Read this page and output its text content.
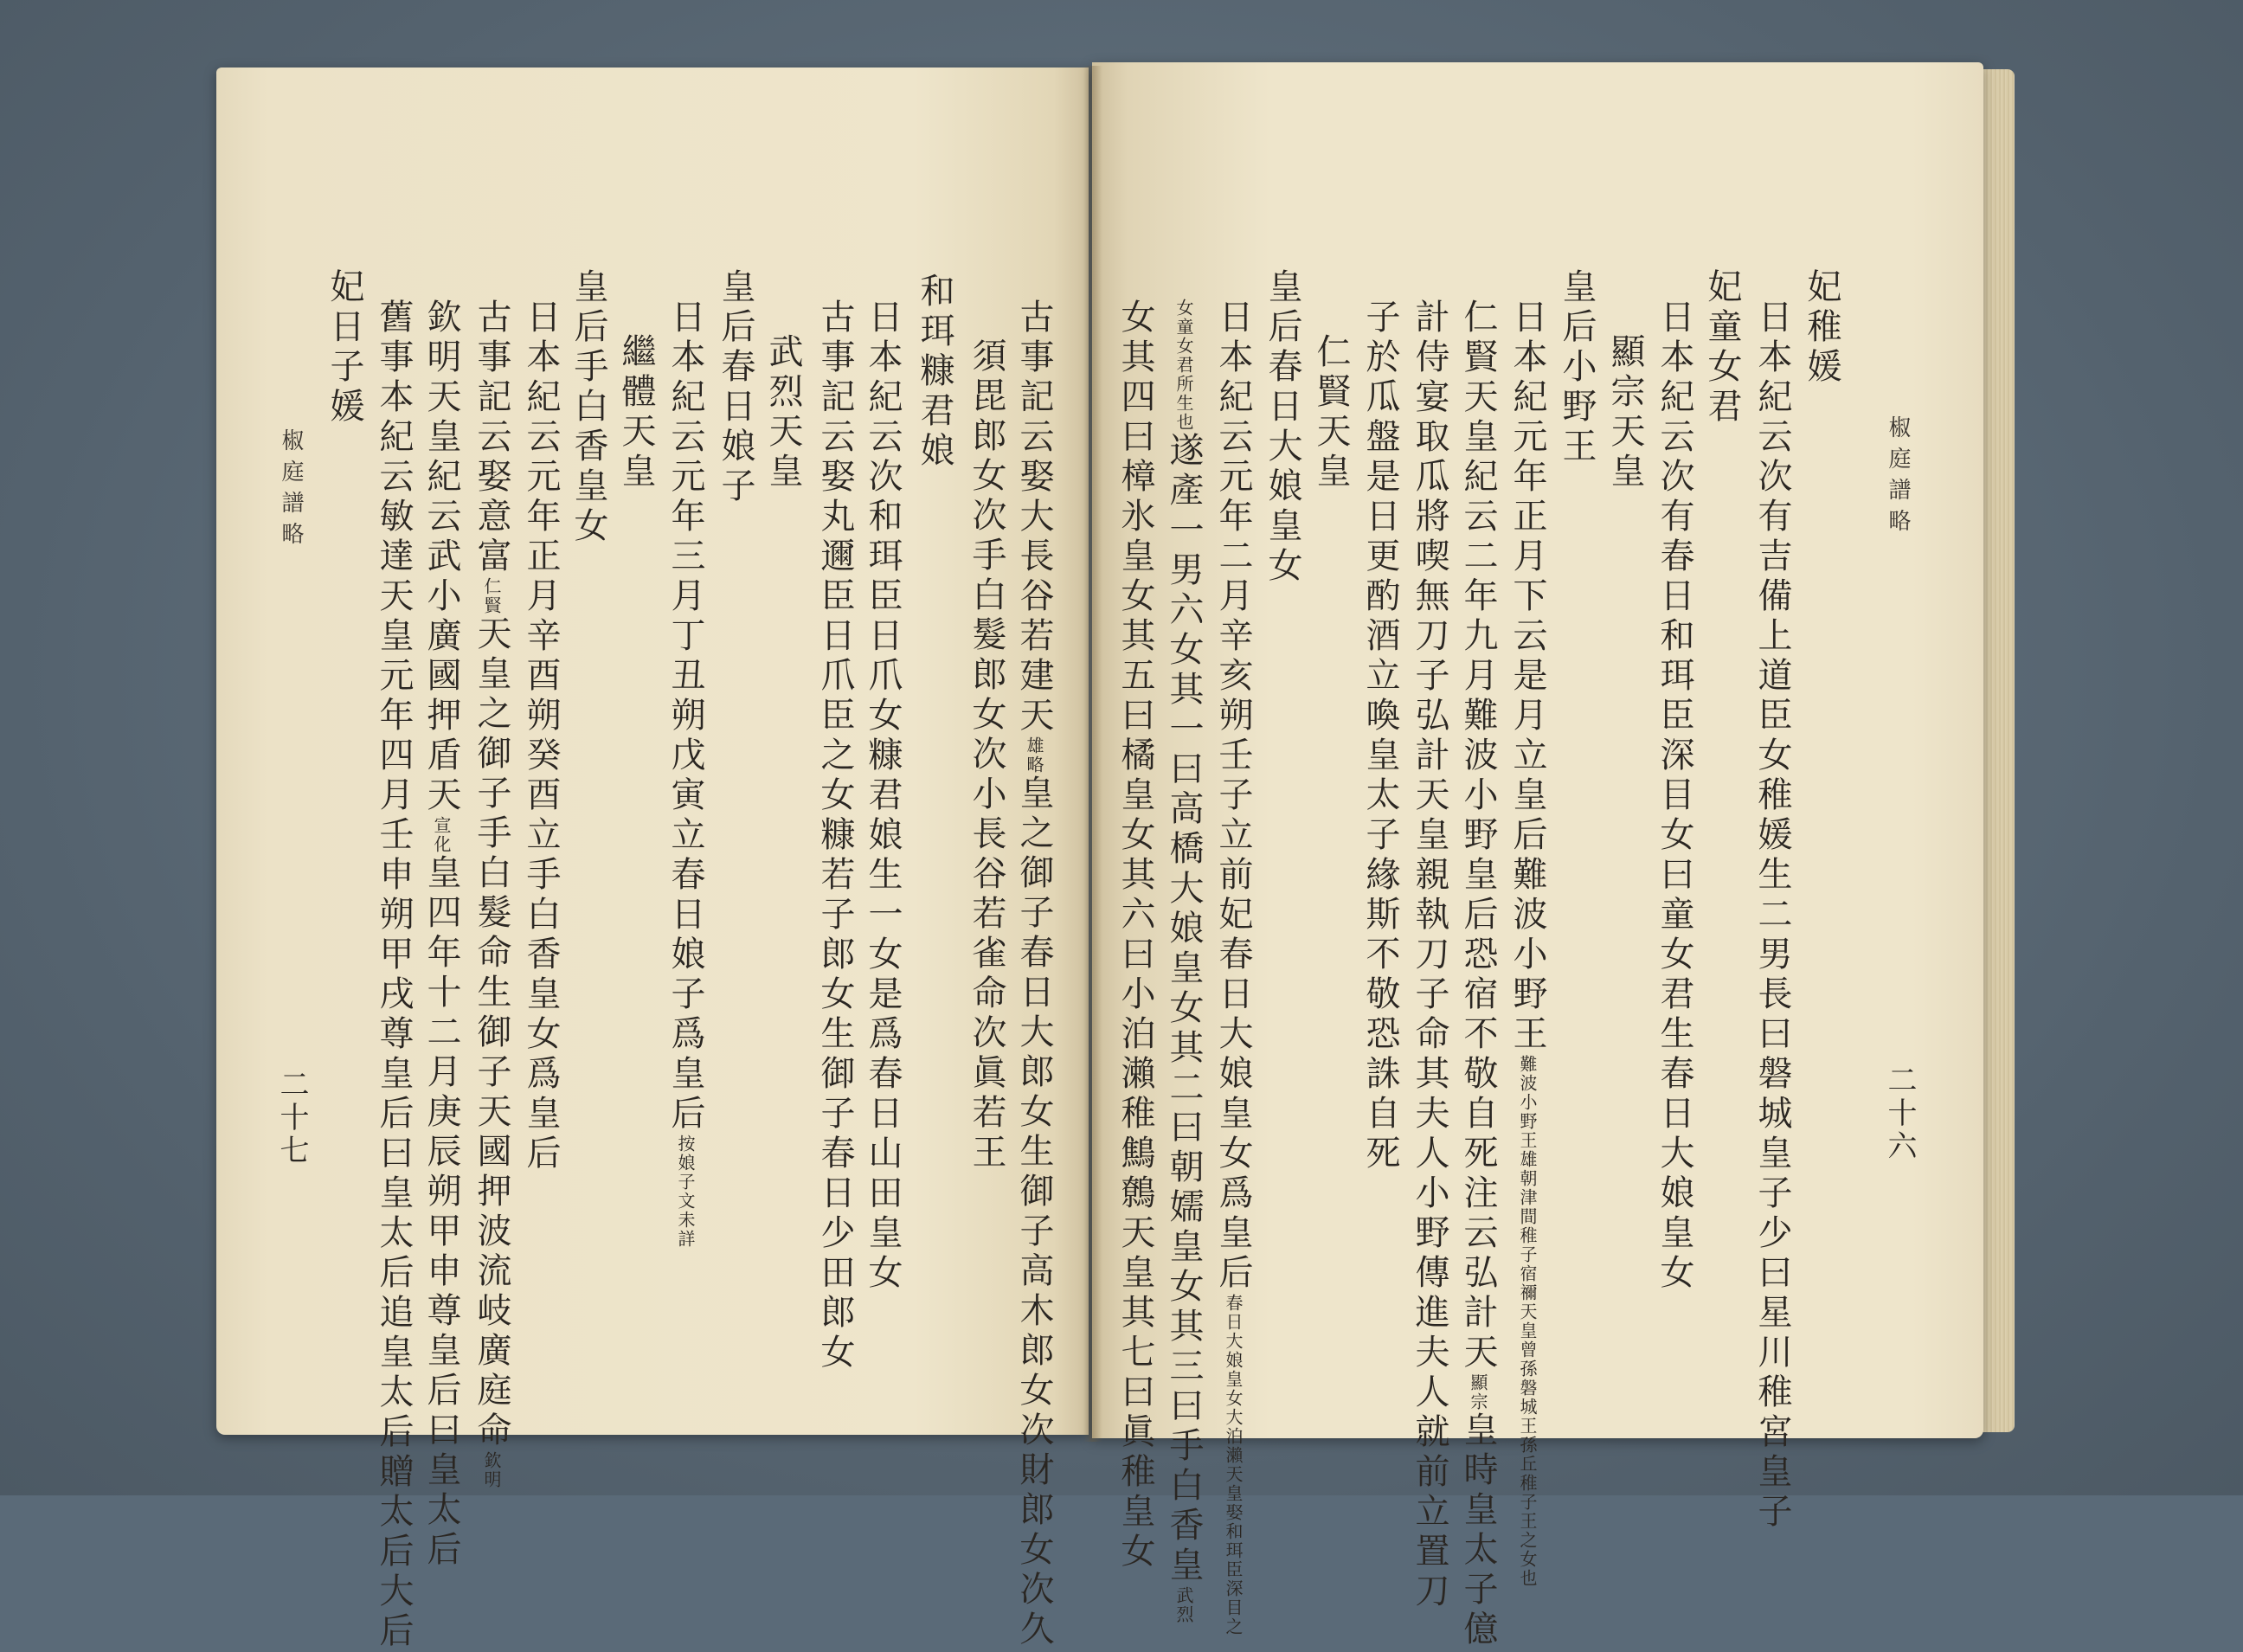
椒庭譜略
二十七
古事記云娶大長谷若建天雄略皇之御子春日大郎女生御子高木郎女次財郎女次久
須毘郎女次手白髮郎女次小長谷若雀命次眞若王
和珥糠君娘
日本紀云次和珥臣日爪女糠君娘生一女是爲春日山田皇女
古事記云娶丸邇臣日爪臣之女糠若子郎女生御子春日少田郎女
武烈天皇
皇后春日娘子
日本紀云元年三月丁丑朔戊寅立春日娘子爲皇后按娘子文未詳
繼體天皇
皇后手白香皇女
日本紀云元年正月辛酉朔癸酉立手白香皇女爲皇后
古事記云娶意富仁賢天皇之御子手白髮命生御子天國押波流岐廣庭命欽明
欽明天皇紀云武小廣國押盾天宣化皇四年十二月庚辰朔甲申尊皇后曰皇太后
舊事本紀云敏達天皇元年四月壬申朔甲戌尊皇后曰皇太后追皇太后贈太后大后
妃日子媛
椒庭譜略
二十六
妃稚媛
日本紀云次有吉備上道臣女稚媛生二男長曰磐城皇子少曰星川稚宮皇子
妃童女君
日本紀云次有春日和珥臣深目女曰童女君生春日大娘皇女
顯宗天皇
皇后小野王
日本紀元年正月下云是月立皇后難波小野王難波小野王雄朝津間稚子宿禰天皇曾孫磐城王孫丘稚子王之女也
仁賢天皇紀云二年九月難波小野皇后恐宿不敬自死注云弘計天顯宗皇時皇太子億
計侍宴取瓜將喫無刀子弘計天皇親執刀子命其夫人小野傳進夫人就前立置刀
子於瓜盤是日更酌酒立喚皇太子緣斯不敬恐誅自死
仁賢天皇
皇后春日大娘皇女
日本紀云元年二月辛亥朔壬子立前妃春日大娘皇女爲皇后春日大娘皇女大泊瀨天皇娶和珥臣深目之
女童女君所生也遂產一男六女其一曰高橋大娘皇女其二曰朝嬬皇女其三曰手白香皇武烈
女其四曰樟氷皇女其五曰橘皇女其六曰小泊瀨稚鷦鷯天皇其七曰眞稚皇女
